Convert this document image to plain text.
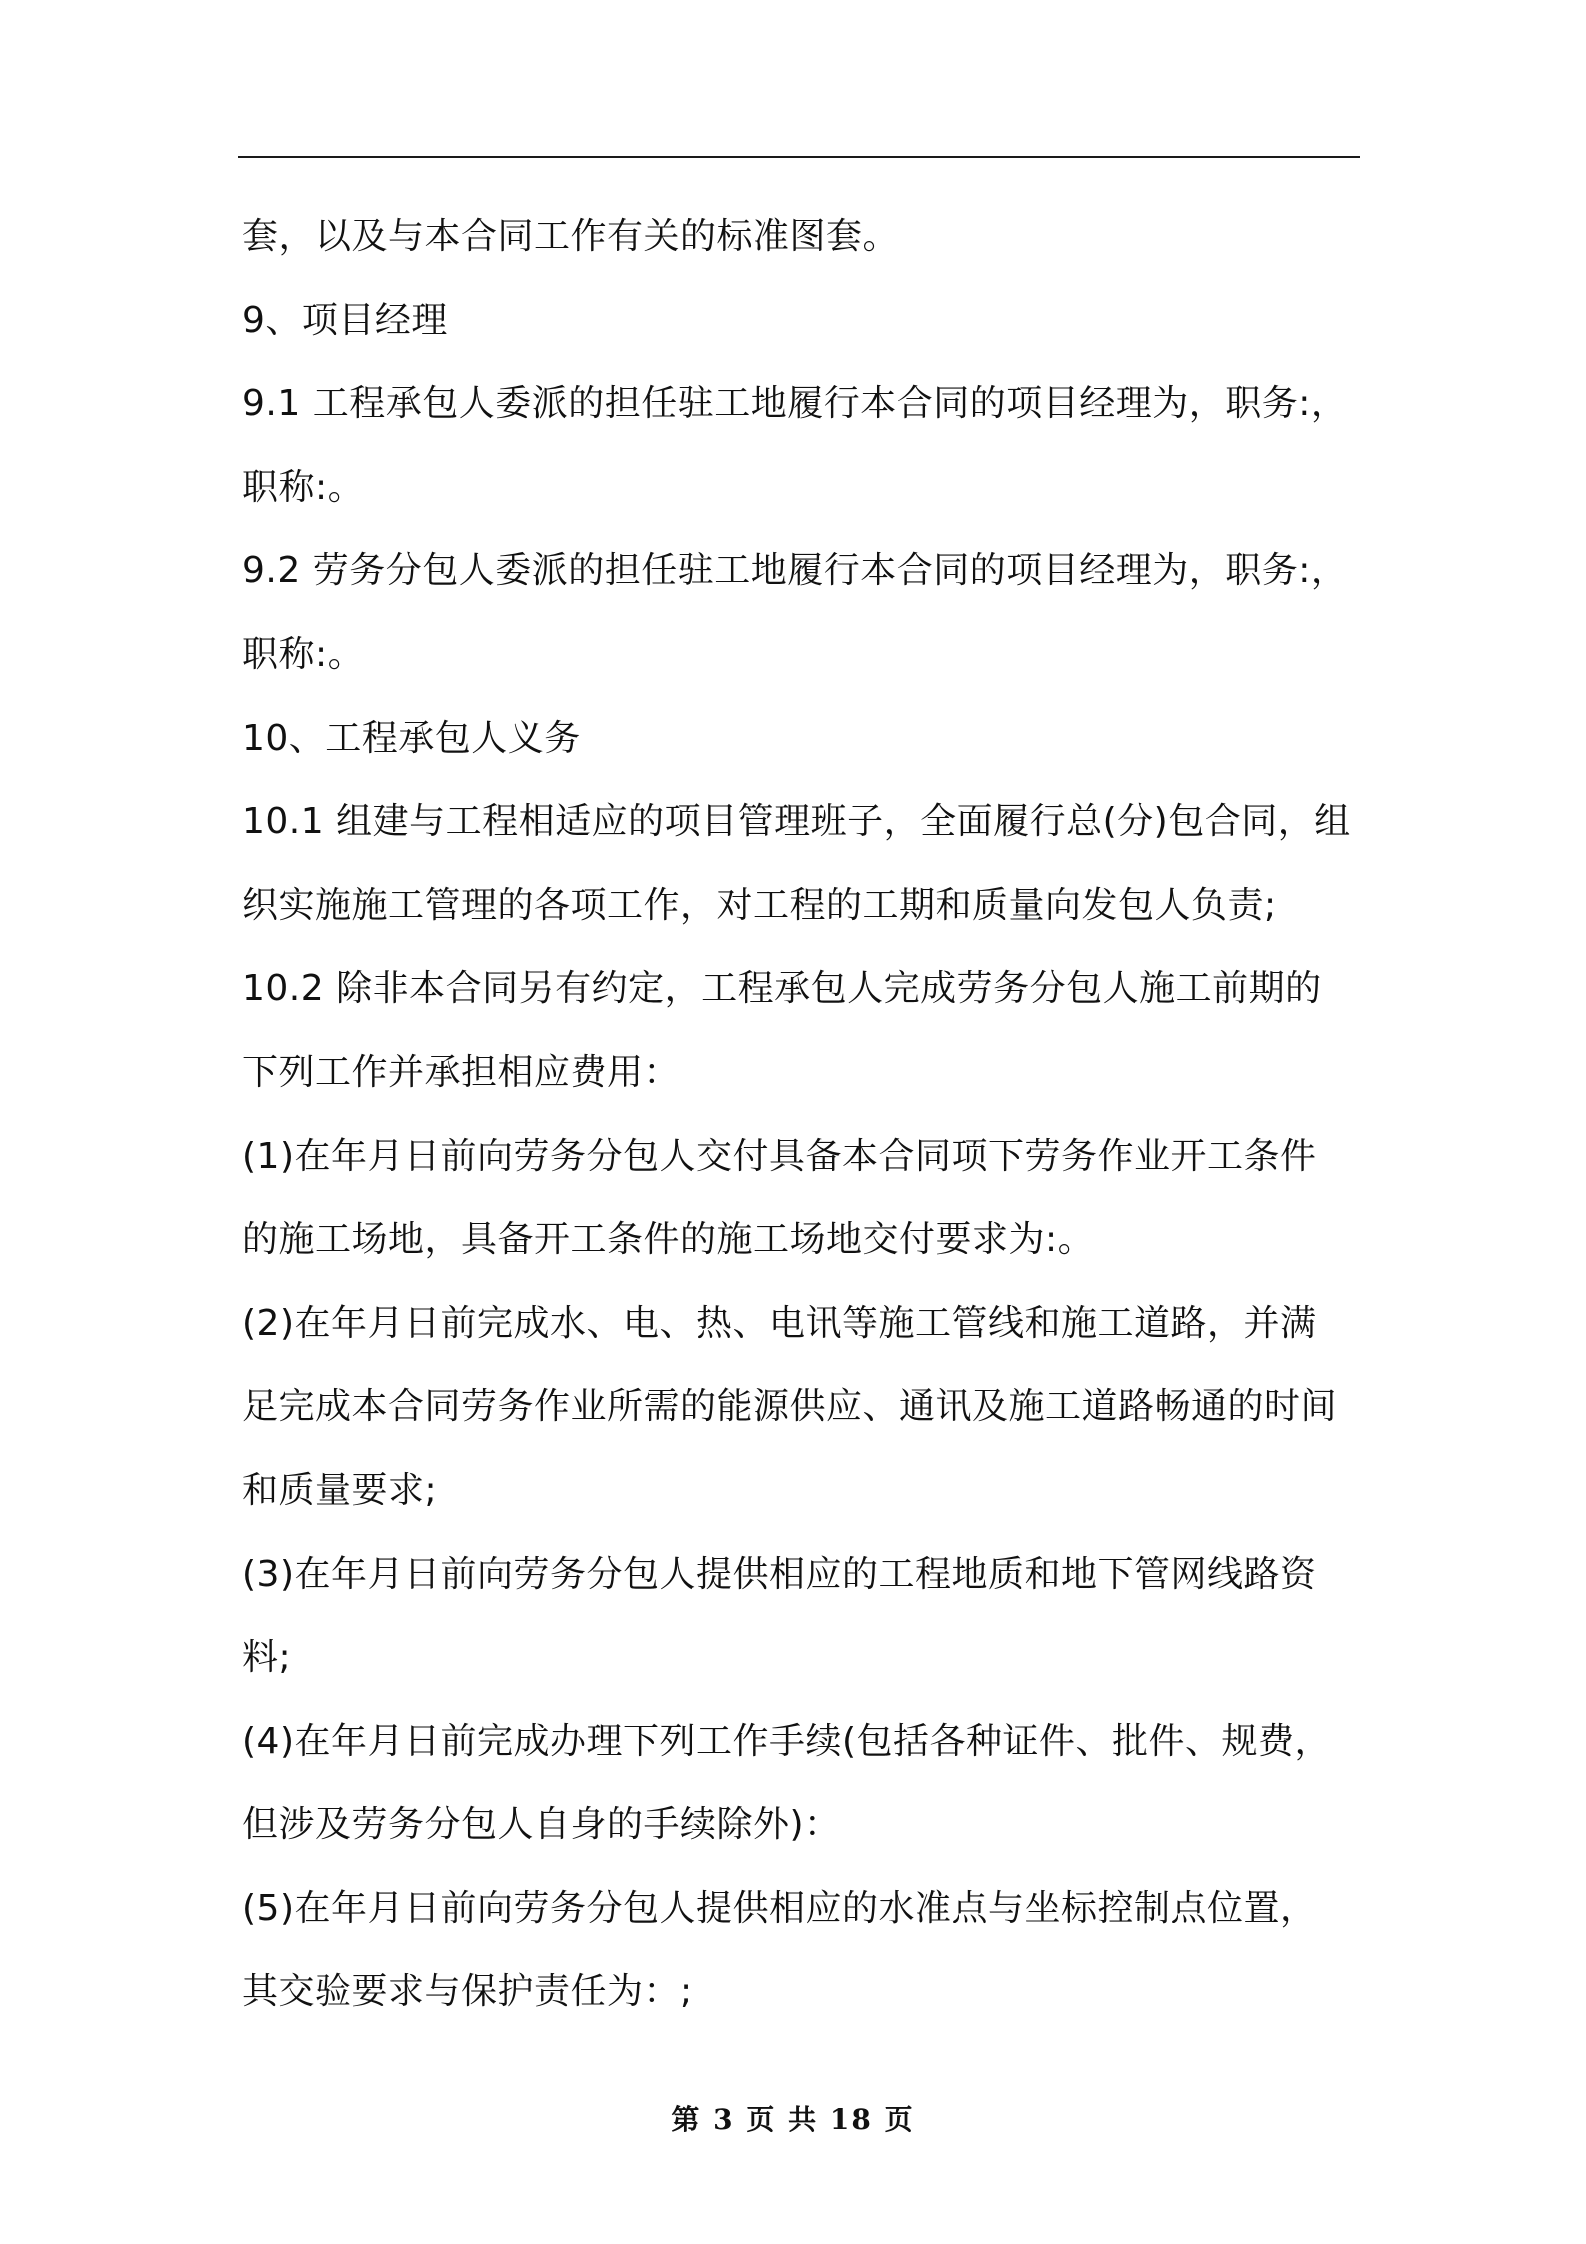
套，以及与本合同工作有关的标准图套。
9、项目经理
9.1 工程承包人委派的担任驻工地履行本合同的项目经理为，职务:，
职称:。
9.2 劳务分包人委派的担任驻工地履行本合同的项目经理为，职务:，
职称:。
10、工程承包人义务
10.1 组建与工程相适应的项目管理班子，全面履行总(分)包合同，组
织实施施工管理的各项工作，对工程的工期和质量向发包人负责;
10.2 除非本合同另有约定，工程承包人完成劳务分包人施工前期的
下列工作并承担相应费用：
(1)在年月日前向劳务分包人交付具备本合同项下劳务作业开工条件
的施工场地，具备开工条件的施工场地交付要求为:。
(2)在年月日前完成水、电、热、电讯等施工管线和施工道路，并满
足完成本合同劳务作业所需的能源供应、通讯及施工道路畅通的时间
和质量要求;
(3)在年月日前向劳务分包人提供相应的工程地质和地下管网线路资
料;
(4)在年月日前完成办理下列工作手续(包括各种证件、批件、规费，
但涉及劳务分包人自身的手续除外)：
(5)在年月日前向劳务分包人提供相应的水准点与坐标控制点位置，
其交验要求与保护责任为：;
第 3 页 共 18 页
